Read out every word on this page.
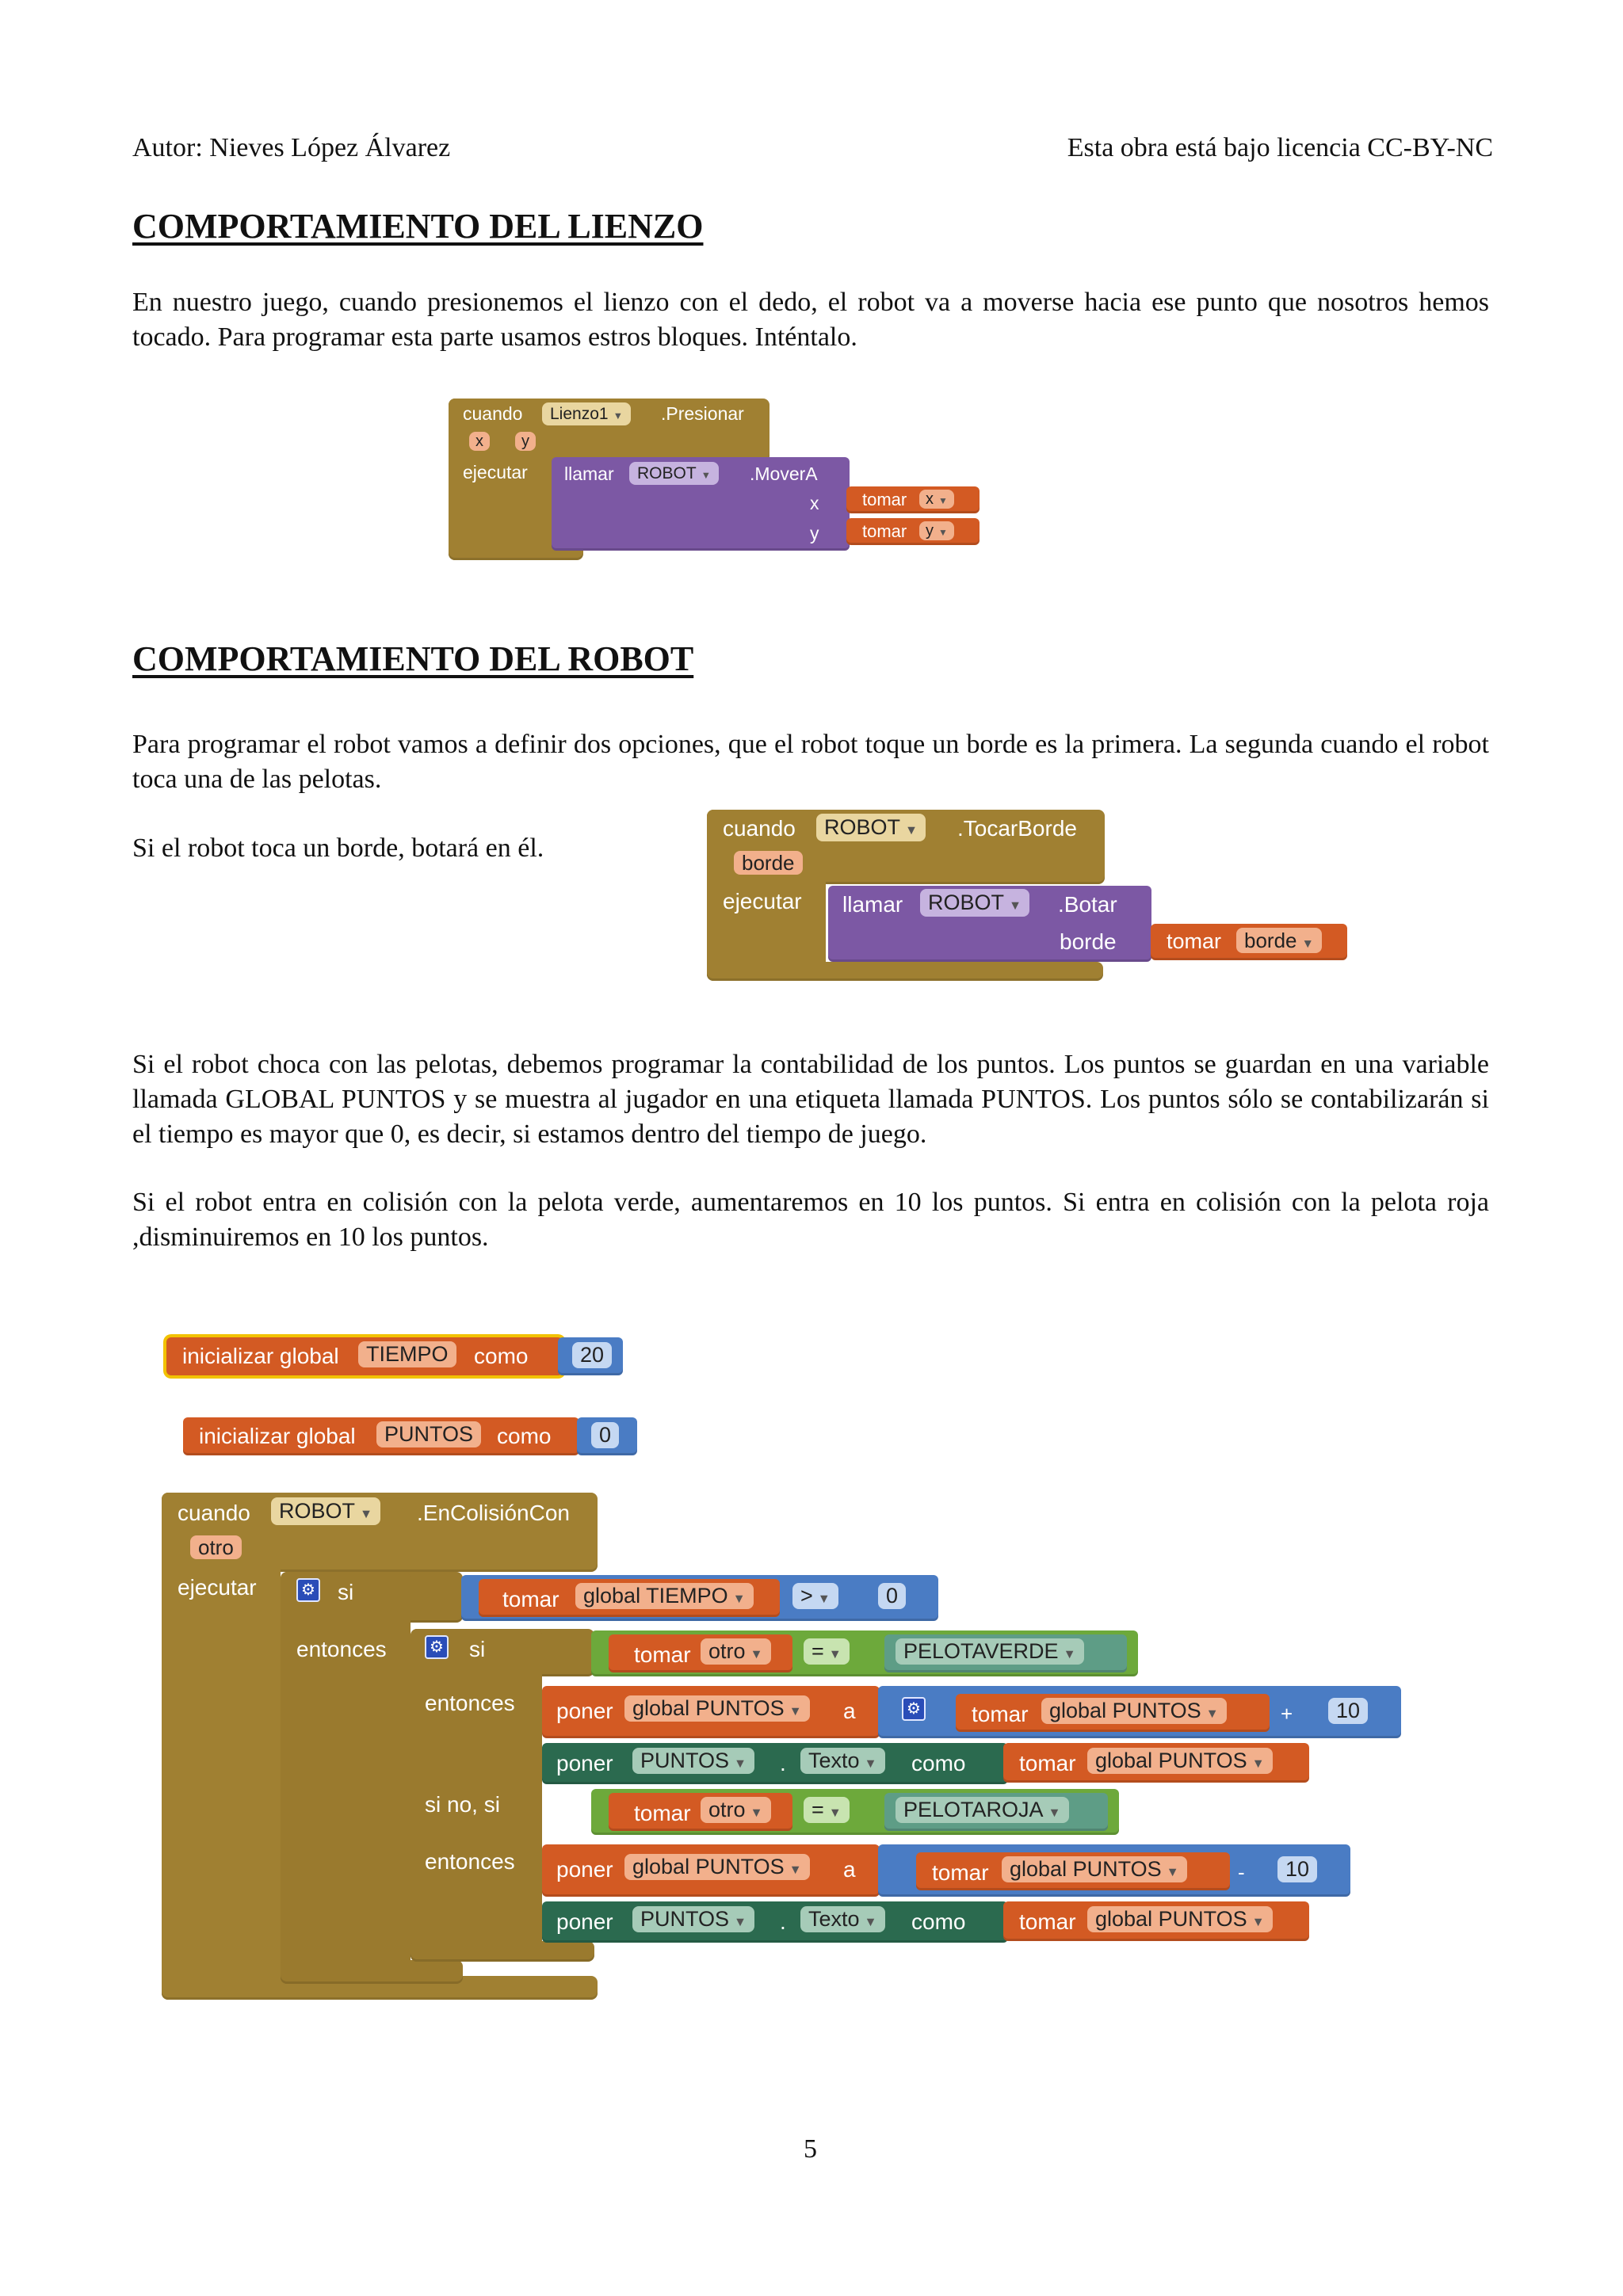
Autor: Nieves López Álvarez	Esta obra está bajo licencia CC-BY-NC
COMPORTAMIENTO DEL LIENZO
En nuestro juego, cuando presionemos el lienzo con el dedo, el robot va a moverse hacia ese punto que nosotros hemos tocado. Para programar esta parte usamos estros bloques. Inténtalo.
cuando	Lienzo1 ▼	.Presionar
x	y
ejecutar llamar	ROBOT ▼	.MoverA
x
y
tomar	x ▼
tomar	y ▼
COMPORTAMIENTO DEL ROBOT
Para programar el robot vamos a definir dos opciones, que el robot toque un borde es la primera. La segunda cuando el robot toca una de las pelotas.
Si el robot toca un borde, botará en él.
cuando	ROBOT ▼	.TocarBorde
borde
ejecutar llamar	ROBOT ▼	.Botar
borde tomar	borde ▼
Si el robot choca con las pelotas, debemos programar la contabilidad de los puntos. Los puntos se guardan en una variable llamada GLOBAL PUNTOS y se muestra al jugador en una etiqueta llamada PUNTOS. Los puntos sólo se contabilizarán si el tiempo es mayor que 0, es decir, si estamos dentro del tiempo de juego.
Si el robot entra en colisión con la pelota verde, aumentaremos en 10 los puntos. Si entra en colisión con la pelota roja ,disminuiremos en 10 los puntos.
inicializar global	TIEMPO	como	20
inicializar global	PUNTOS	como	0
cuando	ROBOT ▼	.EnColisiónCon
otro
ejecutar	⚙ si
entonces
tomar	global TIEMPO ▼	> ▼	0
⚙ si
entonces
si no, si
entonces
tomar otro ▼	= ▼	PELOTAVERDE ▼
poner global PUNTOS ▼	a	⚙ tomar global PUNTOS ▼	+	10
poner	PUNTOS ▼	.	Texto ▼	como tomar global PUNTOS ▼
tomar otro ▼	= ▼	PELOTAROJA ▼
poner global PUNTOS ▼	a	tomar global PUNTOS ▼	-	10
poner	PUNTOS ▼	.	Texto ▼	como tomar global PUNTOS ▼
5
